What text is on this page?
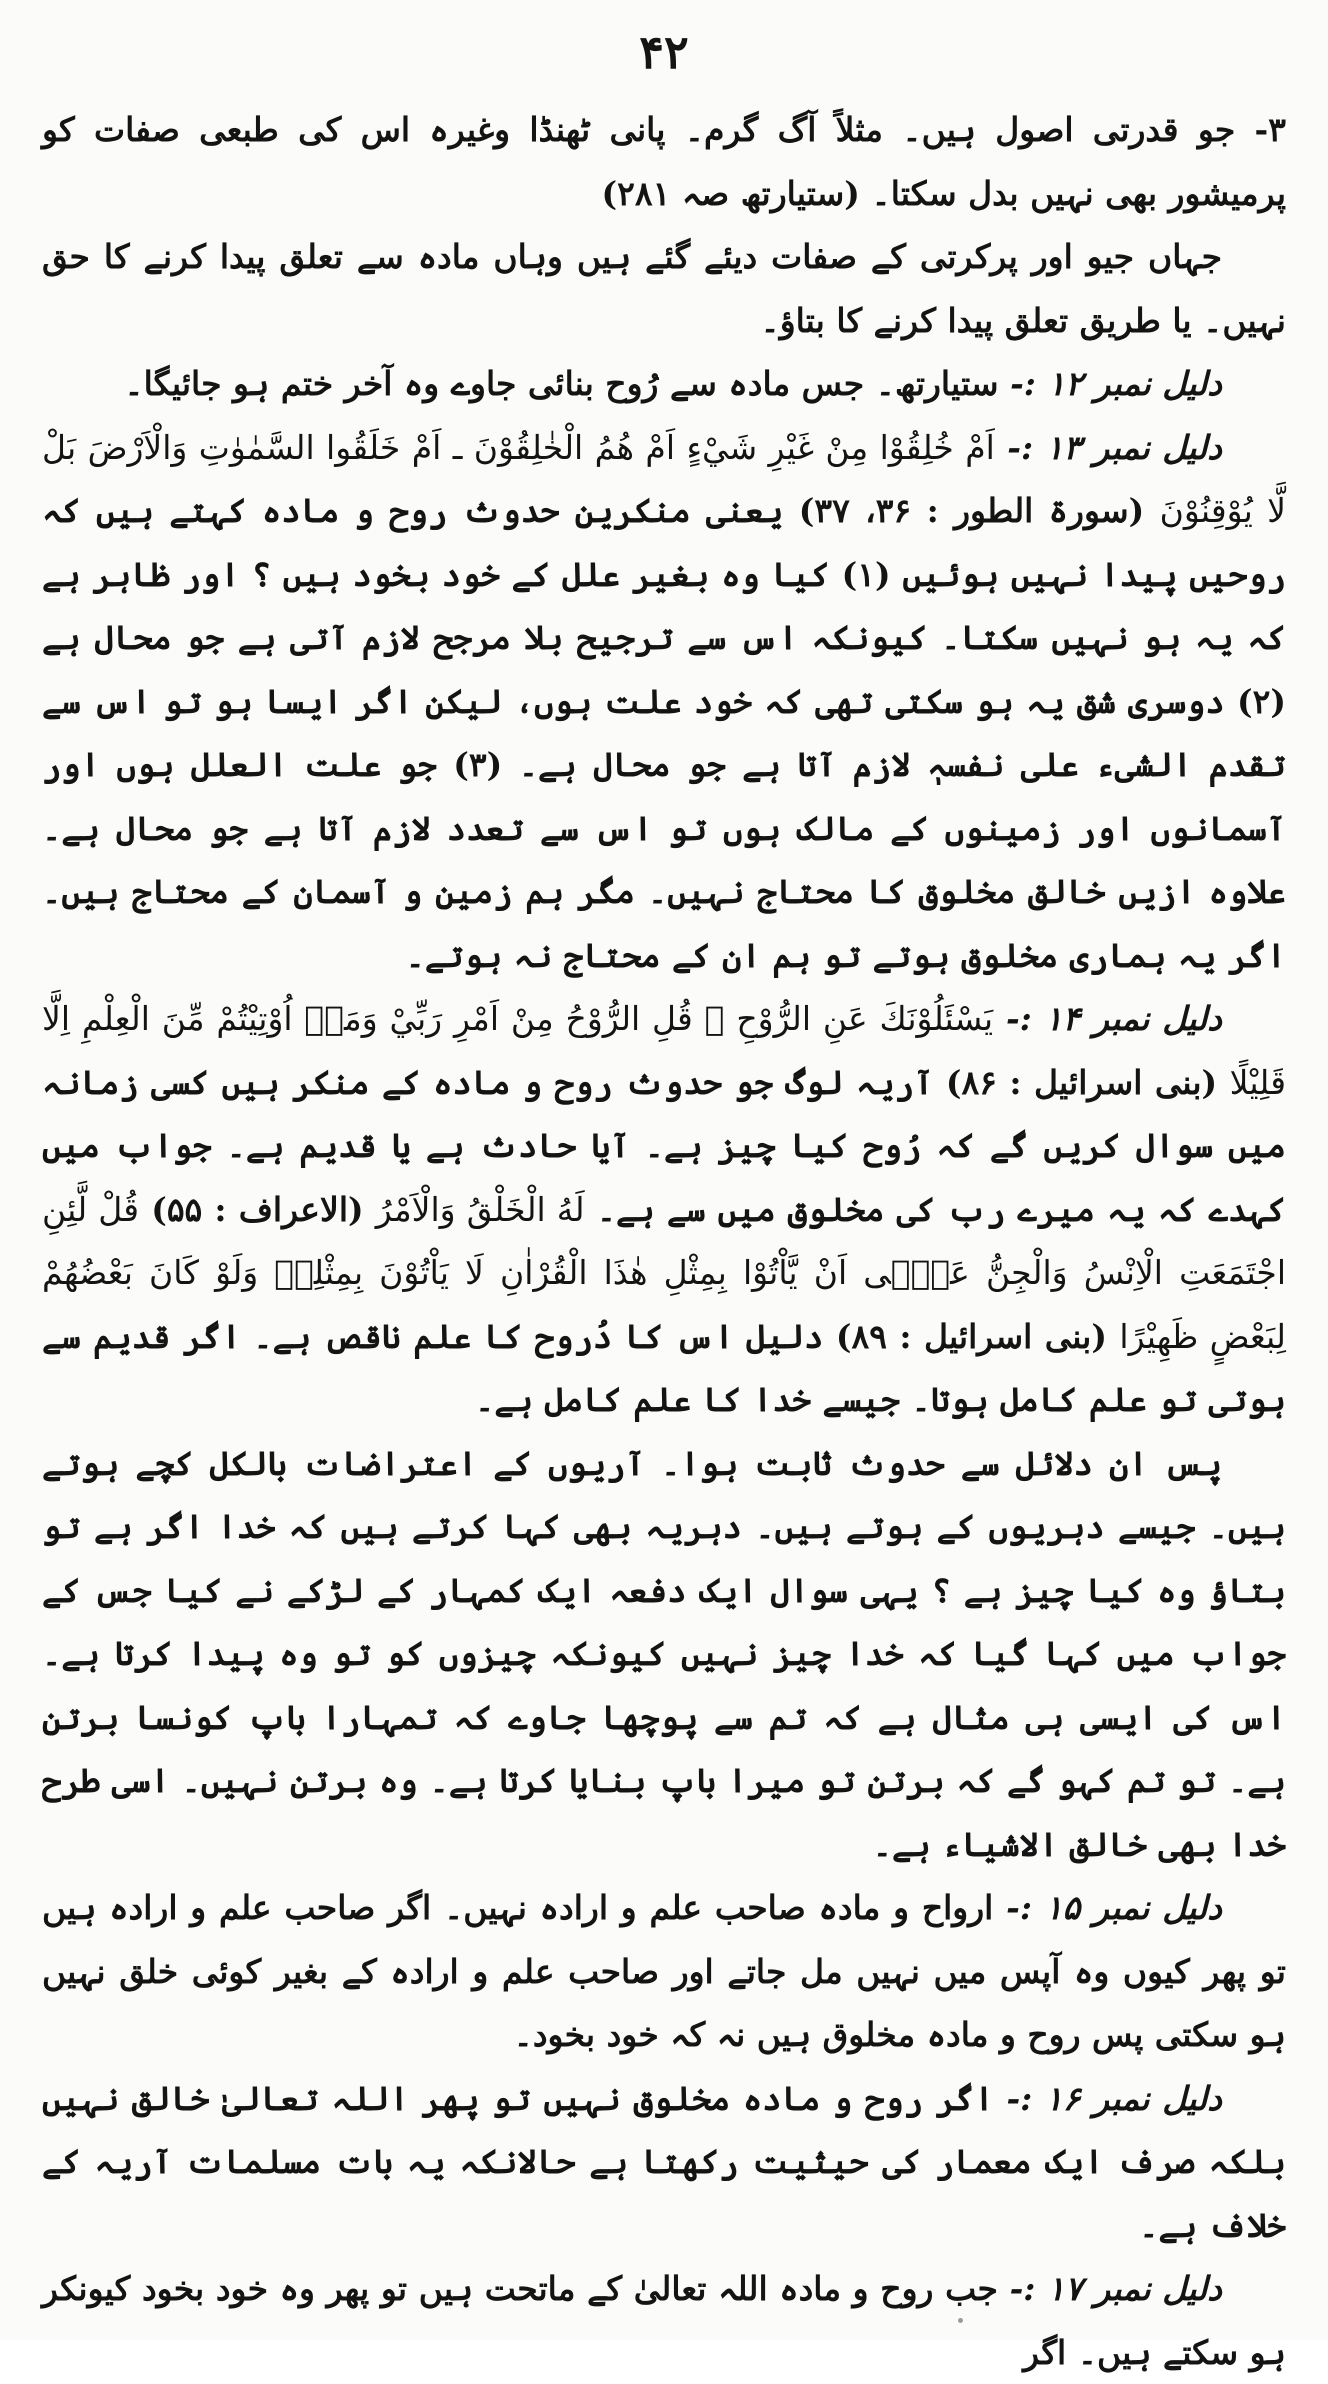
۴۲

۳- جو قدرتی اصول ہیں۔ مثلاً آگ گرم۔ پانی ٹھنڈا وغیرہ اس کی طبعی صفات کو پرمیشور بھی نہیں بدل سکتا۔ (ستیارتھ صہ ۲۸۱)

جہاں جیو اور پرکرتی کے صفات دیئے گئے ہیں وہاں مادہ سے تعلق پیدا کرنے کا حق نہیں۔ یا طریق تعلق پیدا کرنے کا بتاؤ۔

دلیل نمبر ۱۲ :- ستیارتھ۔ جس مادہ سے رُوح بنائی جاوے وہ آخر ختم ہو جائیگا۔

دلیل نمبر ۱۳ :- اَمْ خُلِقُوْا مِنْ غَيْرِ شَيْءٍ اَمْ هُمُ الْخٰلِقُوْنَ ـ اَمْ خَلَقُوا السَّمٰوٰتِ وَالْاَرْضَ بَلْ لَّا يُوْقِنُوْنَ (سورۃ الطور : ۳۶، ۳۷) یعنی منکرین حدوث روح و مادہ کہتے ہیں کہ روحیں پیدا نہیں ہوئیں (۱) کیا وہ بغیر علل کے خود بخود ہیں ؟ اور ظاہر ہے کہ یہ ہو نہیں سکتا۔ کیونکہ اس سے ترجیح بلا مرجح لازم آتی ہے جو محال ہے (۲) دوسری شق یہ ہو سکتی تھی کہ خود علت ہوں، لیکن اگر ایسا ہو تو اس سے تقدم الشیء علی نفسہٖ لازم آتا ہے جو محال ہے۔ (۳) جو علت العلل ہوں اور آسمانوں اور زمینوں کے مالک ہوں تو اس سے تعدد لازم آتا ہے جو محال ہے۔ علاوہ ازیں خالق مخلوق کا محتاج نہیں۔ مگر ہم زمین و آسمان کے محتاج ہیں۔ اگر یہ ہماری مخلوق ہوتے تو ہم ان کے محتاج نہ ہوتے۔

دلیل نمبر ۱۴ :- يَسْئَلُوْنَكَ عَنِ الرُّوْحِ ۖ قُلِ الرُّوْحُ مِنْ اَمْرِ رَبِّيْ وَمَاۤ اُوْتِيْتُمْ مِّنَ الْعِلْمِ اِلَّا قَلِيْلًا (بنی اسرائیل : ۸۶) آریہ لوگ جو حدوث روح و مادہ کے منکر ہیں کسی زمانہ میں سوال کریں گے کہ رُوح کیا چیز ہے۔ آیا حادث ہے یا قدیم ہے۔ جواب میں کہدے کہ یہ میرے رب کی مخلوق میں سے ہے۔ لَهُ الْخَلْقُ وَالْاَمْرُ (الاعراف : ۵۵) قُلْ لَّئِنِ اجْتَمَعَتِ الْاِنْسُ وَالْجِنُّ عَلٰۤى اَنْ يَّاْتُوْا بِمِثْلِ هٰذَا الْقُرْاٰنِ لَا يَاْتُوْنَ بِمِثْلِهٖ وَلَوْ كَانَ بَعْضُهُمْ لِبَعْضٍ ظَهِيْرًا (بنی اسرائیل : ۸۹) دلیل اس کا دُروح کا علم ناقص ہے۔ اگر قدیم سے ہوتی تو علم کامل ہوتا۔ جیسے خدا کا علم کامل ہے۔

پس ان دلائل سے حدوث ثابت ہوا۔ آریوں کے اعتراضات بالکل کچے ہوتے ہیں۔ جیسے دہریوں کے ہوتے ہیں۔ دہریہ بھی کہا کرتے ہیں کہ خدا اگر ہے تو بتاؤ وہ کیا چیز ہے ؟ یہی سوال ایک دفعہ ایک کمہار کے لڑکے نے کیا جس کے جواب میں کہا گیا کہ خدا چیز نہیں کیونکہ چیزوں کو تو وہ پیدا کرتا ہے۔ اس کی ایسی ہی مثال ہے کہ تم سے پوچھا جاوے کہ تمہارا باپ کونسا برتن ہے۔ تو تم کہو گے کہ برتن تو میرا باپ بنایا کرتا ہے۔ وہ برتن نہیں۔ اسی طرح خدا بھی خالق الاشیاء ہے۔

دلیل نمبر ۱۵ :- ارواح و مادہ صاحب علم و ارادہ نہیں۔ اگر صاحب علم و ارادہ ہیں تو پھر کیوں وہ آپس میں نہیں مل جاتے اور صاحب علم و ارادہ کے بغیر کوئی خلق نہیں ہو سکتی پس روح و مادہ مخلوق ہیں نہ کہ خود بخود۔

دلیل نمبر ۱۶ :- اگر روح و مادہ مخلوق نہیں تو پھر اللہ تعالیٰ خالق نہیں بلکہ صرف ایک معمار کی حیثیت رکھتا ہے حالانکہ یہ بات مسلمات آریہ کے خلاف ہے۔

دلیل نمبر ۱۷ :- جب روح و مادہ اللہ تعالیٰ کے ماتحت ہیں تو پھر وہ خود بخود کیونکر ہو سکتے ہیں۔ اگر
